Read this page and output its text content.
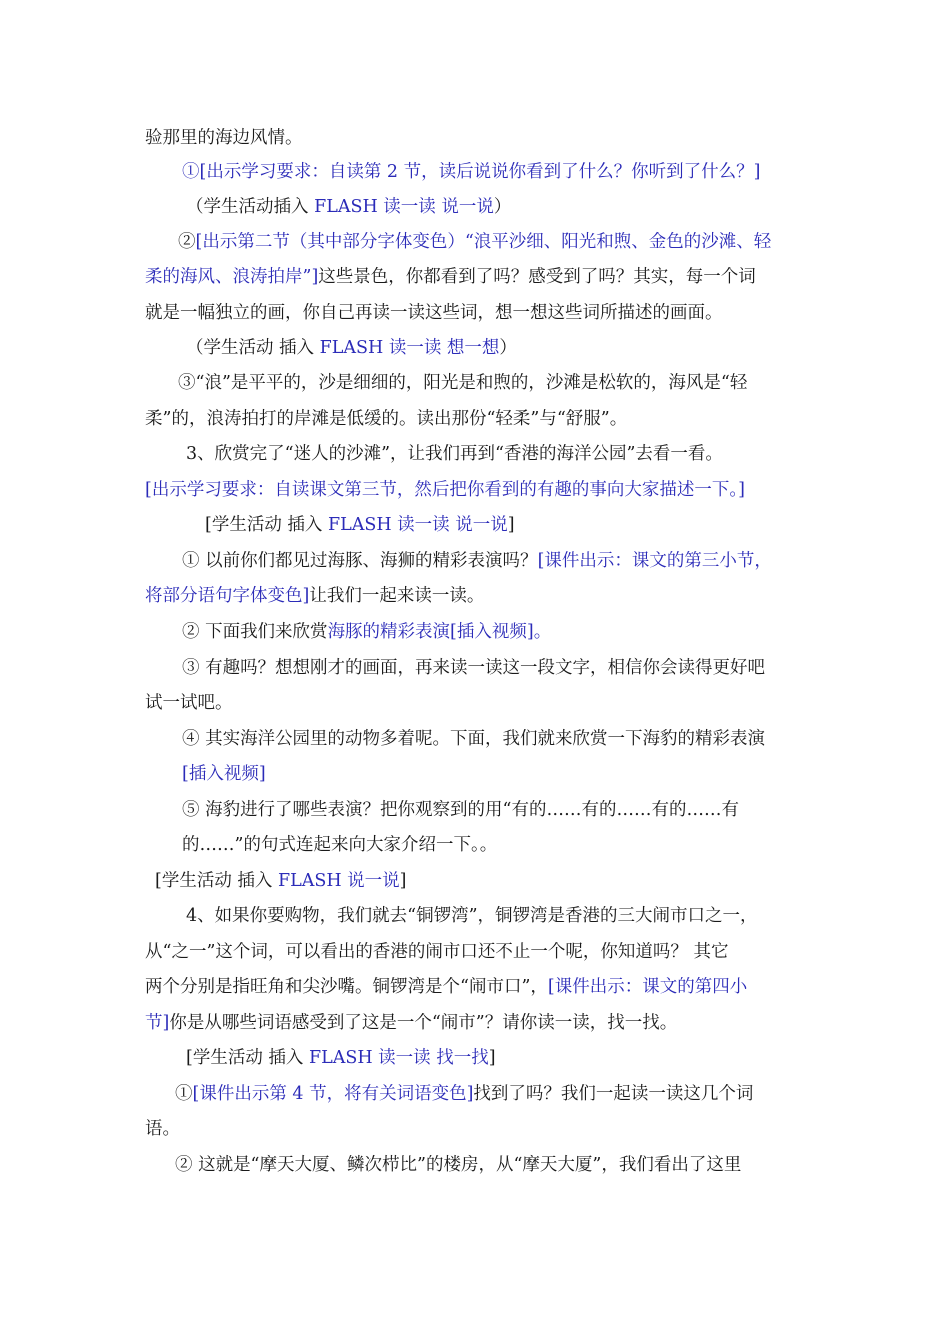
验那里的海边风情。
①[出示学习要求：自读第 2 节，读后说说你看到了什么？你听到了什么？]
（学生活动插入 FLASH 读一读 说一说）
②[出示第二节（其中部分字体变色）“浪平沙细、阳光和煦、金色的沙滩、轻
柔的海风、浪涛拍岸”]这些景色，你都看到了吗？感受到了吗？其实，每一个词
就是一幅独立的画，你自己再读一读这些词，想一想这些词所描述的画面。
（学生活动 插入 FLASH 读一读 想一想）
③“浪”是平平的，沙是细细的，阳光是和煦的，沙滩是松软的，海风是“轻
柔”的，浪涛拍打的岸滩是低缓的。读出那份“轻柔”与“舒服”。
3、欣赏完了“迷人的沙滩”，让我们再到“香港的海洋公园”去看一看。
[出示学习要求：自读课文第三节，然后把你看到的有趣的事向大家描述一下。]
[学生活动 插入 FLASH 读一读 说一说]
① 以前你们都见过海豚、海狮的精彩表演吗？[课件出示：课文的第三小节，
将部分语句字体变色]让我们一起来读一读。
② 下面我们来欣赏海豚的精彩表演[插入视频]。
③ 有趣吗？想想刚才的画面，再来读一读这一段文字，相信你会读得更好吧
试一试吧。
④ 其实海洋公园里的动物多着呢。下面，我们就来欣赏一下海豹的精彩表演
[插入视频]
⑤ 海豹进行了哪些表演？把你观察到的用“有的……有的……有的……有
的……”的句式连起来向大家介绍一下。。
[学生活动 插入 FLASH 说一说]
4、如果你要购物，我们就去“铜锣湾”，铜锣湾是香港的三大闹市口之一，
从“之一”这个词，可以看出的香港的闹市口还不止一个呢，你知道吗？ 其它
两个分别是指旺角和尖沙嘴。铜锣湾是个“闹市口”，[课件出示：课文的第四小
节]你是从哪些词语感受到了这是一个“闹市”？请你读一读，找一找。
[学生活动 插入 FLASH 读一读 找一找]
①[课件出示第 4 节，将有关词语变色]找到了吗？我们一起读一读这几个词
语。
② 这就是“摩天大厦、鳞次栉比”的楼房，从“摩天大厦”，我们看出了这里
